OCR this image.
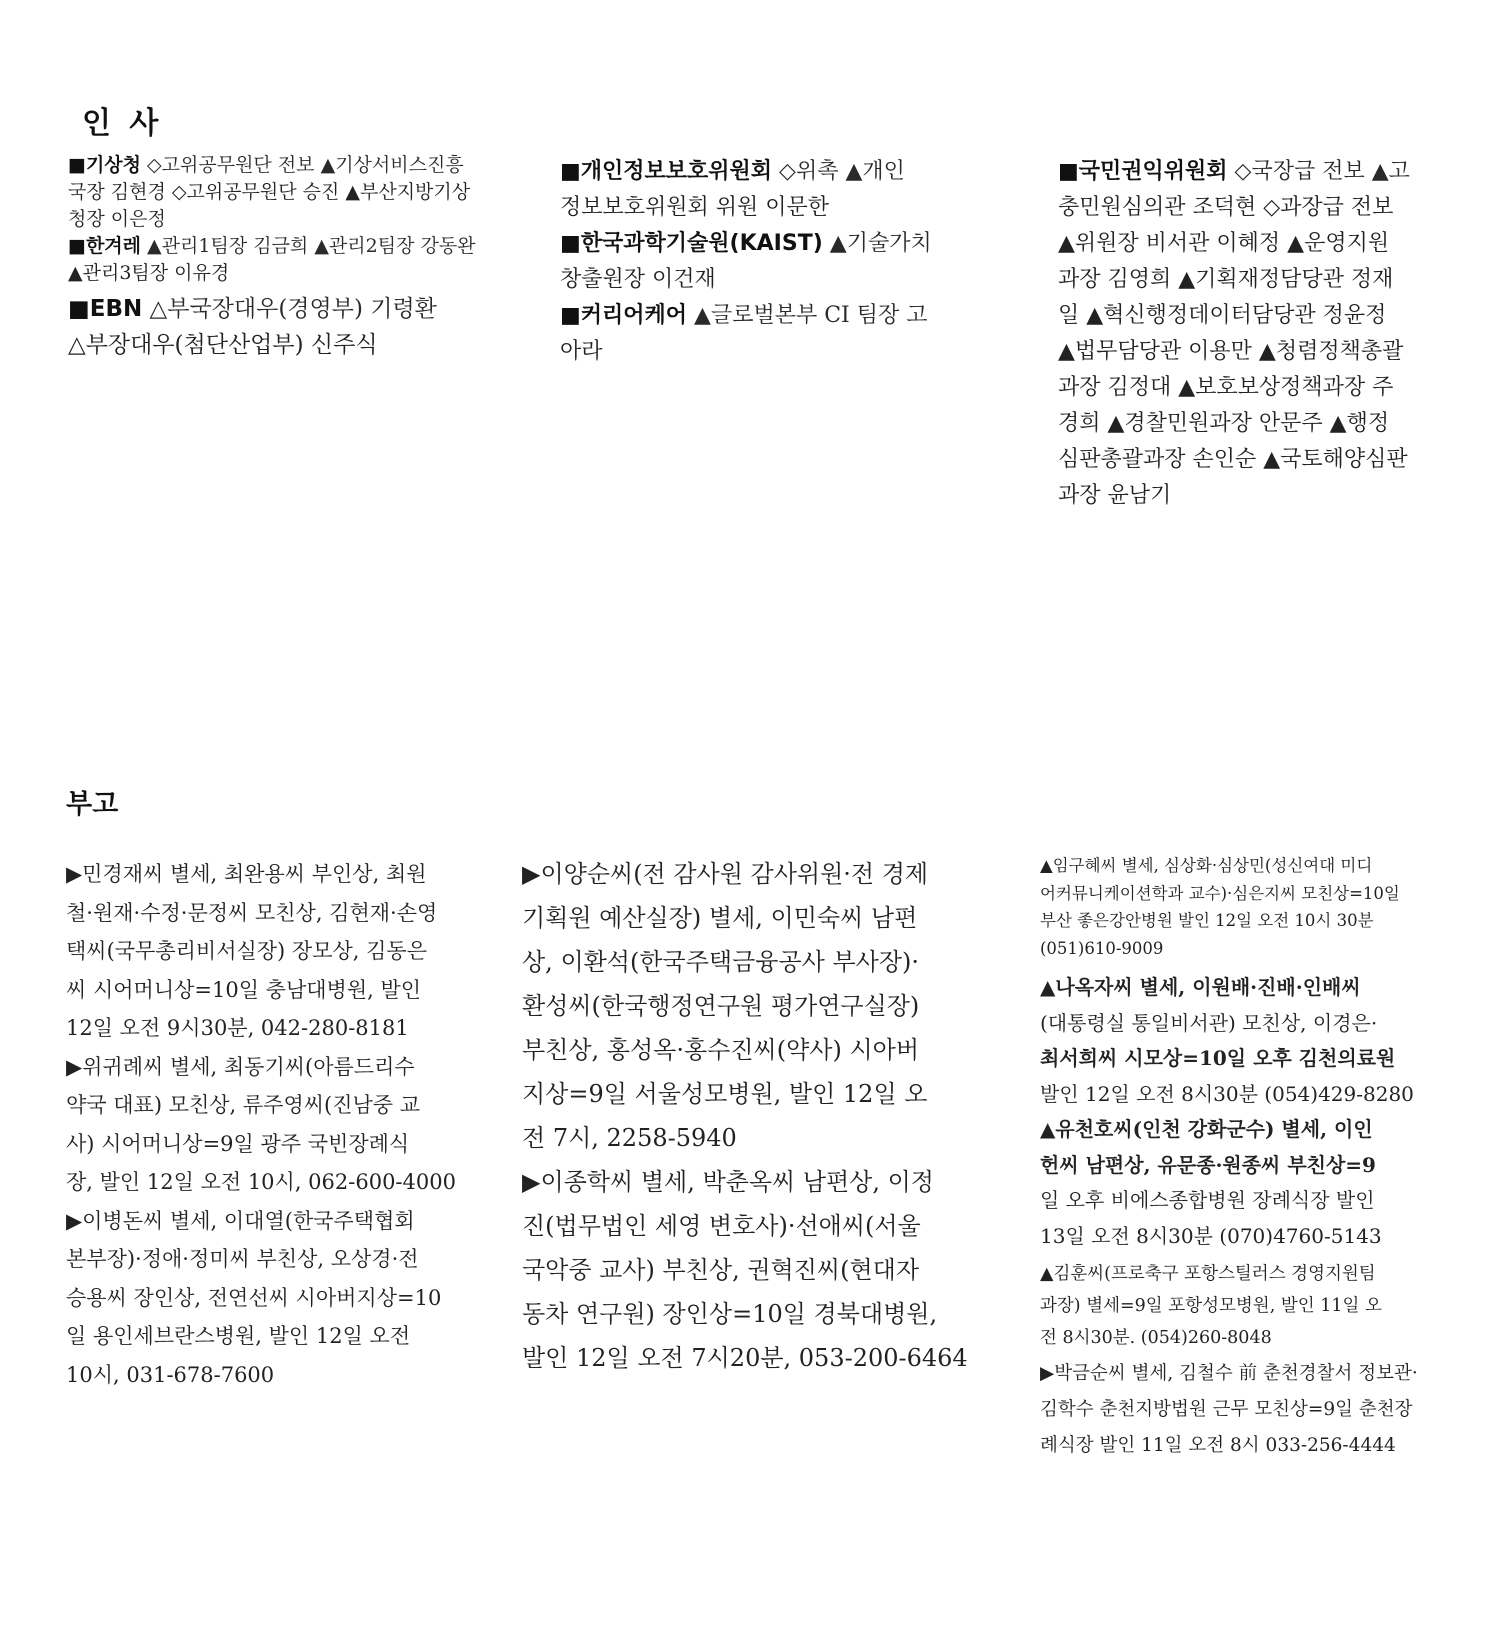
인 사

■기상청 ◇고위공무원단 전보 ▲기상서비스진흥

국장 김현경 ◇고위공무원단 승진 ▲부산지방기상

청장 이은정

■한겨레 ▲관리1팀장 김금희 ▲관리2팀장 강동완

▲관리3팀장 이유경

■EBN △부국장대우(경영부) 기령환

△부장대우(첨단산업부) 신주식

■개인정보보호위원회 ◇위촉 ▲개인

정보보호위원회 위원 이문한

■한국과학기술원(KAIST) ▲기술가치

창출원장 이건재

■커리어케어 ▲글로벌본부 CI 팀장 고

아라

■국민권익위원회 ◇국장급 전보 ▲고

충민원심의관 조덕현 ◇과장급 전보

▲위원장 비서관 이혜정 ▲운영지원

과장 김영희 ▲기획재정담당관 정재

일 ▲혁신행정데이터담당관 정윤정

▲법무담당관 이용만 ▲청렴정책총괄

과장 김정대 ▲보호보상정책과장 주

경희 ▲경찰민원과장 안문주 ▲행정

심판총괄과장 손인순 ▲국토해양심판

과장 윤남기

부고

▶민경재씨 별세, 최완용씨 부인상, 최원

철·원재·수정·문정씨 모친상, 김현재·손영

택씨(국무총리비서실장) 장모상, 김동은

씨 시어머니상=10일 충남대병원, 발인

12일 오전 9시30분, 042-280-8181

▶위귀례씨 별세, 최동기씨(아름드리수

약국 대표) 모친상, 류주영씨(진남중 교

사) 시어머니상=9일 광주 국빈장례식

장, 발인 12일 오전 10시, 062-600-4000

▶이병돈씨 별세, 이대열(한국주택협회

본부장)·정애·정미씨 부친상, 오상경·전

승용씨 장인상, 전연선씨 시아버지상=10

일 용인세브란스병원, 발인 12일 오전

10시, 031-678-7600

▶이양순씨(전 감사원 감사위원·전 경제

기획원 예산실장) 별세, 이민숙씨 남편

상, 이환석(한국주택금융공사 부사장)·

환성씨(한국행정연구원 평가연구실장)

부친상, 홍성옥·홍수진씨(약사) 시아버

지상=9일 서울성모병원, 발인 12일 오

전 7시, 2258-5940

▶이종학씨 별세, 박춘옥씨 남편상, 이정

진(법무법인 세영 변호사)·선애씨(서울

국악중 교사) 부친상, 권혁진씨(현대자

동차 연구원) 장인상=10일 경북대병원,

발인 12일 오전 7시20분, 053-200-6464

▲임구혜씨 별세, 심상화·심상민(성신여대 미디

어커뮤니케이션학과 교수)·심은지씨 모친상=10일

부산 좋은강안병원 발인 12일 오전 10시 30분

(051)610-9009

▲나옥자씨 별세, 이원배·진배·인배씨

(대통령실 통일비서관) 모친상, 이경은·

최서희씨 시모상=10일 오후 김천의료원

발인 12일 오전 8시30분 (054)429-8280

▲유천호씨(인천 강화군수) 별세, 이인

헌씨 남편상, 유문종·원종씨 부친상=9

일 오후 비에스종합병원 장례식장 발인

13일 오전 8시30분 (070)4760-5143

▲김훈씨(프로축구 포항스틸러스 경영지원팀

과장) 별세=9일 포항성모병원, 발인 11일 오

전 8시30분. (054)260-8048

▶박금순씨 별세, 김철수 前 춘천경찰서 정보관·

김학수 춘천지방법원 근무 모친상=9일 춘천장

례식장 발인 11일 오전 8시 033-256-4444
